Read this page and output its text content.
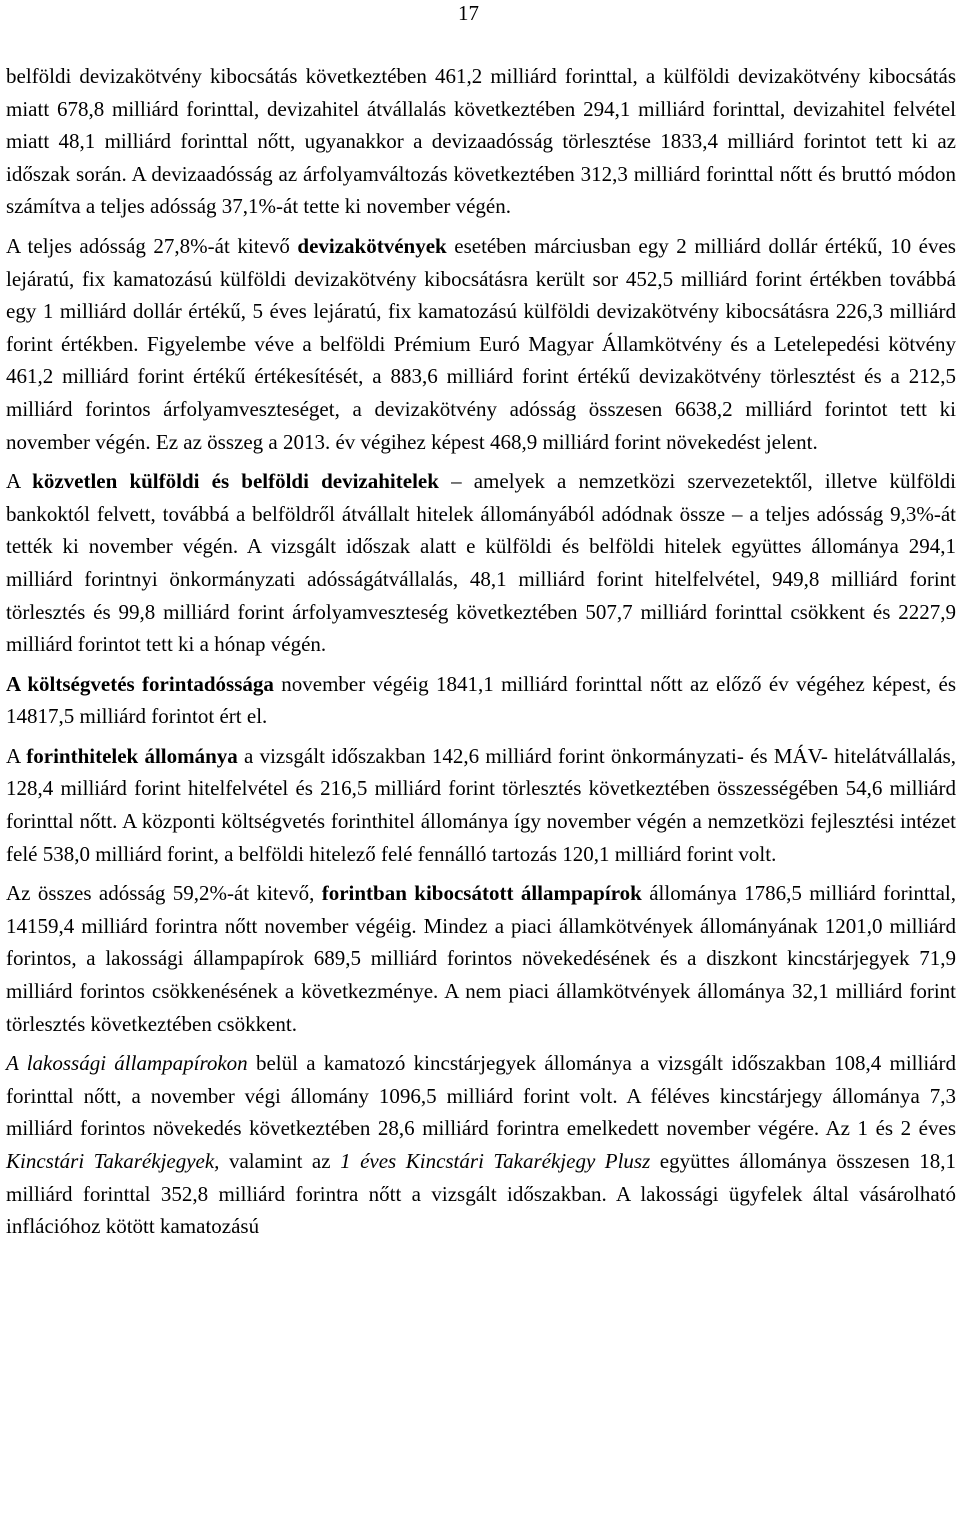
17

belföldi devizakötvény kibocsátás következtében 461,2 milliárd forinttal, a külföldi devizakötvény kibocsátás miatt 678,8 milliárd forinttal, devizahitel átvállalás következtében 294,1 milliárd forinttal, devizahitel felvétel miatt 48,1 milliárd forinttal nőtt, ugyanakkor a devizaadósság törlesztése 1833,4 milliárd forintot tett ki az időszak során. A devizaadósság az árfolyamváltozás következtében 312,3 milliárd forinttal nőtt és bruttó módon számítva a teljes adósság 37,1%-át tette ki november végén.

A teljes adósság 27,8%-át kitevő devizakötvények esetében márciusban egy 2 milliárd dollár értékű, 10 éves lejáratú, fix kamatozású külföldi devizakötvény kibocsátásra került sor 452,5 milliárd forint értékben továbbá egy 1 milliárd dollár értékű, 5 éves lejáratú, fix kamatozású külföldi devizakötvény kibocsátásra 226,3 milliárd forint értékben. Figyelembe véve a belföldi Prémium Euró Magyar Államkötvény és a Letelepedési kötvény 461,2 milliárd forint értékű értékesítését, a 883,6 milliárd forint értékű devizakötvény törlesztést és a 212,5 milliárd forintos árfolyamveszteséget, a devizakötvény adósság összesen 6638,2 milliárd forintot tett ki november végén. Ez az összeg a 2013. év végihez képest 468,9 milliárd forint növekedést jelent.

A közvetlen külföldi és belföldi devizahitelek – amelyek a nemzetközi szervezetektől, illetve külföldi bankoktól felvett, továbbá a belföldről átvállalt hitelek állományából adódnak össze – a teljes adósság 9,3%-át tették ki november végén. A vizsgált időszak alatt e külföldi és belföldi hitelek együttes állománya 294,1 milliárd forintnyi önkormányzati adósságátvállalás, 48,1 milliárd forint hitelfelvétel, 949,8 milliárd forint törlesztés és 99,8 milliárd forint árfolyamveszteség következtében 507,7 milliárd forinttal csökkent és 2227,9 milliárd forintot tett ki a hónap végén.

A költségvetés forintadóssága november végéig 1841,1 milliárd forinttal nőtt az előző év végéhez képest, és 14817,5 milliárd forintot ért el.

A forinthitelek állománya a vizsgált időszakban 142,6 milliárd forint önkormányzati- és MÁV- hitelátvállalás, 128,4 milliárd forint hitelfelvétel és 216,5 milliárd forint törlesztés következtében összességében 54,6 milliárd forinttal nőtt. A központi költségvetés forinthitel állománya így november végén a nemzetközi fejlesztési intézet felé 538,0 milliárd forint, a belföldi hitelező felé fennálló tartozás 120,1 milliárd forint volt.

Az összes adósság 59,2%-át kitevő, forintban kibocsátott állampapírok állománya 1786,5 milliárd forinttal, 14159,4 milliárd forintra nőtt november végéig. Mindez a piaci államkötvények állományának 1201,0 milliárd forintos, a lakossági állampapírok 689,5 milliárd forintos növekedésének és a diszkont kincstárjegyek 71,9 milliárd forintos csökkenésének a következménye. A nem piaci államkötvények állománya 32,1 milliárd forint törlesztés következtében csökkent.

A lakossági állampapírokon belül a kamatozó kincstárjegyek állománya a vizsgált időszakban 108,4 milliárd forinttal nőtt, a november végi állomány 1096,5 milliárd forint volt. A féléves kincstárjegy állománya 7,3 milliárd forintos növekedés következtében 28,6 milliárd forintra emelkedett november végére. Az 1 és 2 éves Kincstári Takarékjegyek, valamint az 1 éves Kincstári Takarékjegy Plusz együttes állománya összesen 18,1 milliárd forinttal 352,8 milliárd forintra nőtt a vizsgált időszakban. A lakossági ügyfelek által vásárolható inflációhoz kötött kamatozású
